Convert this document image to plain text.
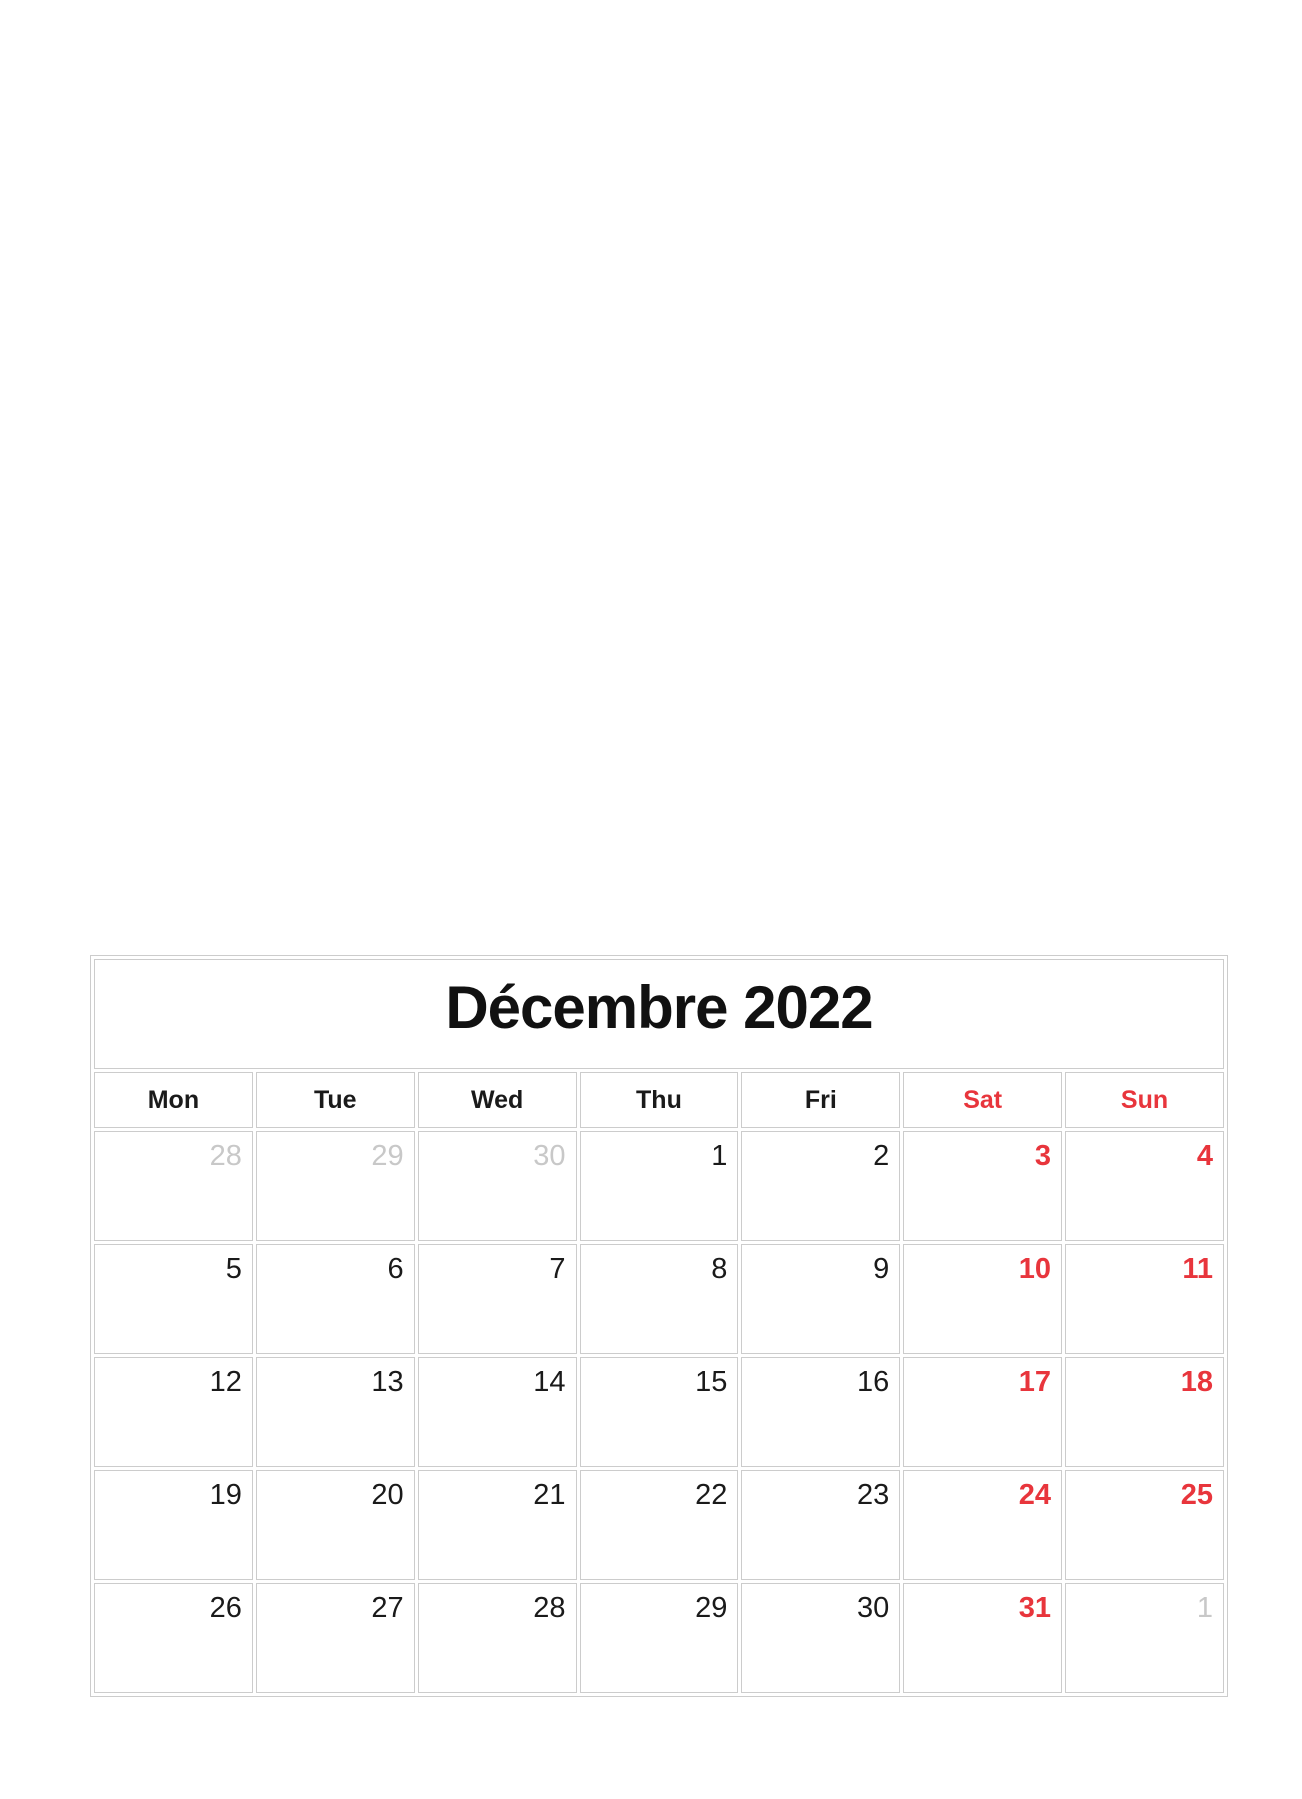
Décembre 2022						
Mon	Tue	Wed	Thu	Fri	Sat	Sun
28	29	30	1	2	3	4
5	6	7	8	9	10	11
12	13	14	15	16	17	18
19	20	21	22	23	24	25
26	27	28	29	30	31	1
